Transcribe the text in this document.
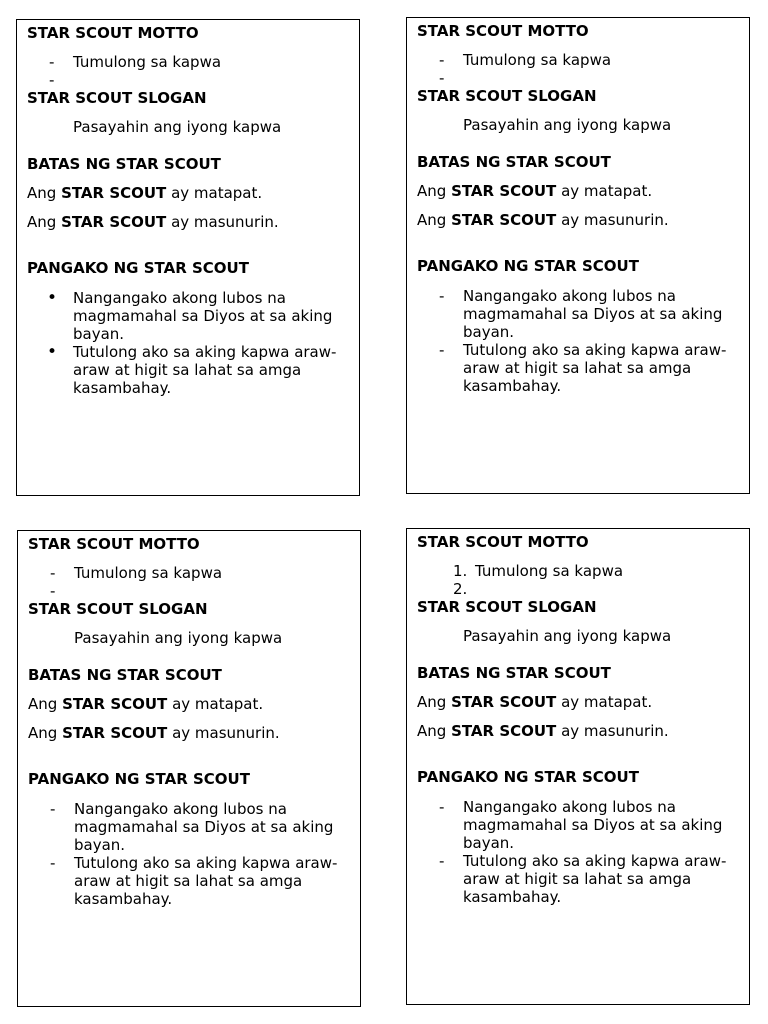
STAR SCOUT MOTTO

-	Tumulong sa kapwa
-

STAR SCOUT SLOGAN

Pasayahin ang iyong kapwa

BATAS NG STAR SCOUT

Ang STAR SCOUT ay matapat.

Ang STAR SCOUT ay masunurin.

PANGAKO NG STAR SCOUT

•	Nangangako akong lubos na magmamahal sa Diyos at sa aking bayan.
•	Tutulong ako sa aking kapwa araw-araw at higit sa lahat sa amga kasambahay.

STAR SCOUT MOTTO

-	Tumulong sa kapwa
-

STAR SCOUT SLOGAN

Pasayahin ang iyong kapwa

BATAS NG STAR SCOUT

Ang STAR SCOUT ay matapat.

Ang STAR SCOUT ay masunurin.

PANGAKO NG STAR SCOUT

-	Nangangako akong lubos na magmamahal sa Diyos at sa aking bayan.
-	Tutulong ako sa aking kapwa araw-araw at higit sa lahat sa amga kasambahay.

STAR SCOUT MOTTO

-	Tumulong sa kapwa
-

STAR SCOUT SLOGAN

Pasayahin ang iyong kapwa

BATAS NG STAR SCOUT

Ang STAR SCOUT ay matapat.

Ang STAR SCOUT ay masunurin.

PANGAKO NG STAR SCOUT

-	Nangangako akong lubos na magmamahal sa Diyos at sa aking bayan.
-	Tutulong ako sa aking kapwa araw-araw at higit sa lahat sa amga kasambahay.

STAR SCOUT MOTTO

1. Tumulong sa kapwa
2.

STAR SCOUT SLOGAN

Pasayahin ang iyong kapwa

BATAS NG STAR SCOUT

Ang STAR SCOUT ay matapat.

Ang STAR SCOUT ay masunurin.

PANGAKO NG STAR SCOUT

-	Nangangako akong lubos na magmamahal sa Diyos at sa aking bayan.
-	Tutulong ako sa aking kapwa araw-araw at higit sa lahat sa amga kasambahay.
